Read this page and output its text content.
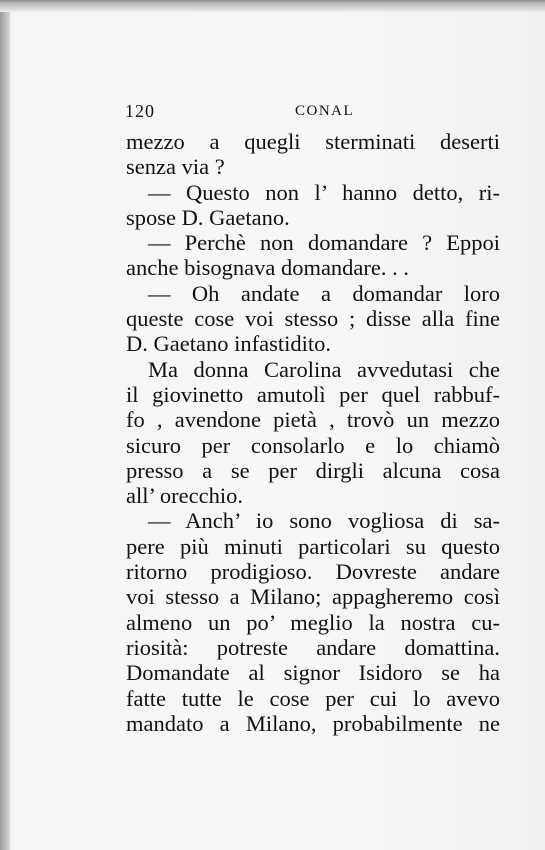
120	CONAL
mezzo a quegli sterminati deserti
senza via ?
— Questo non l’ hanno detto, ri-
spose D. Gaetano.
— Perchè non domandare ? Eppoi
anche bisognava domandare. . .
— Oh andate a domandar loro
queste cose voi stesso ; disse alla fine
D. Gaetano infastidito.
Ma donna Carolina avvedutasi che
il giovinetto amutolì per quel rabbuf-
fo , avendone pietà , trovò un mezzo
sicuro per consolarlo e lo chiamò
presso a se per dirgli alcuna cosa
all’ orecchio.
— Anch’ io sono vogliosa di sa-
pere più minuti particolari su questo
ritorno prodigioso. Dovreste andare
voi stesso a Milano; appagheremo così
almeno un po’ meglio la nostra cu-
riosità: potreste andare domattina.
Domandate al signor Isidoro se ha
fatte tutte le cose per cui lo avevo
mandato a Milano, probabilmente ne
